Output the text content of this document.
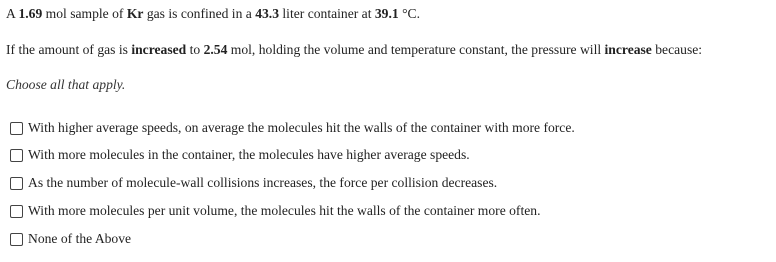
A 1.69 mol sample of Kr gas is confined in a 43.3 liter container at 39.1 °C.
If the amount of gas is increased to 2.54 mol, holding the volume and temperature constant, the pressure will increase because:
Choose all that apply.
With higher average speeds, on average the molecules hit the walls of the container with more force.
With more molecules in the container, the molecules have higher average speeds.
As the number of molecule-wall collisions increases, the force per collision decreases.
With more molecules per unit volume, the molecules hit the walls of the container more often.
None of the Above
